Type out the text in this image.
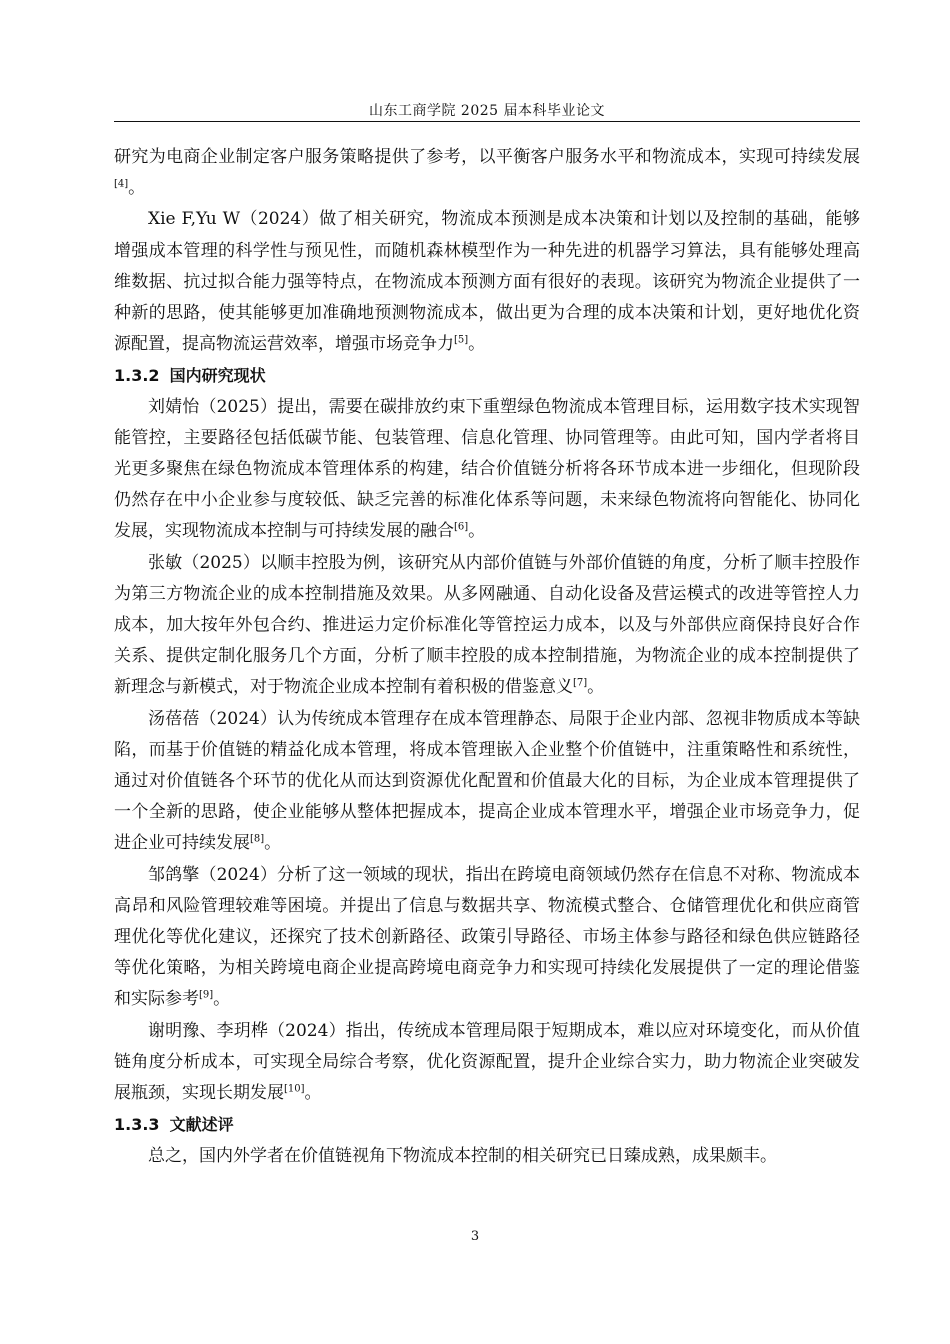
山东工商学院 2025 届本科毕业论文

研究为电商企业制定客户服务策略提供了参考，以平衡客户服务水平和物流成本，实现可持续发展[4]。

Xie F,Yu W（2024）做了相关研究，物流成本预测是成本决策和计划以及控制的基础，能够增强成本管理的科学性与预见性，而随机森林模型作为一种先进的机器学习算法，具有能够处理高维数据、抗过拟合能力强等特点，在物流成本预测方面有很好的表现。该研究为物流企业提供了一种新的思路，使其能够更加准确地预测物流成本，做出更为合理的成本决策和计划，更好地优化资源配置，提高物流运营效率，增强市场竞争力[5]。

1.3.2 国内研究现状

刘婧怡（2025）提出，需要在碳排放约束下重塑绿色物流成本管理目标，运用数字技术实现智能管控，主要路径包括低碳节能、包装管理、信息化管理、协同管理等。由此可知，国内学者将目光更多聚焦在绿色物流成本管理体系的构建，结合价值链分析将各环节成本进一步细化，但现阶段仍然存在中小企业参与度较低、缺乏完善的标准化体系等问题，未来绿色物流将向智能化、协同化发展，实现物流成本控制与可持续发展的融合[6]。

张敏（2025）以顺丰控股为例，该研究从内部价值链与外部价值链的角度，分析了顺丰控股作为第三方物流企业的成本控制措施及效果。从多网融通、自动化设备及营运模式的改进等管控人力成本，加大按年外包合约、推进运力定价标准化等管控运力成本，以及与外部供应商保持良好合作关系、提供定制化服务几个方面，分析了顺丰控股的成本控制措施，为物流企业的成本控制提供了新理念与新模式，对于物流企业成本控制有着积极的借鉴意义[7]。

汤蓓蓓（2024）认为传统成本管理存在成本管理静态、局限于企业内部、忽视非物质成本等缺陷，而基于价值链的精益化成本管理，将成本管理嵌入企业整个价值链中，注重策略性和系统性，通过对价值链各个环节的优化从而达到资源优化配置和价值最大化的目标，为企业成本管理提供了一个全新的思路，使企业能够从整体把握成本，提高企业成本管理水平，增强企业市场竞争力，促进企业可持续发展[8]。

邹鸽擎（2024）分析了这一领域的现状，指出在跨境电商领域仍然存在信息不对称、物流成本高昂和风险管理较难等困境。并提出了信息与数据共享、物流模式整合、仓储管理优化和供应商管理优化等优化建议，还探究了技术创新路径、政策引导路径、市场主体参与路径和绿色供应链路径等优化策略，为相关跨境电商企业提高跨境电商竞争力和实现可持续化发展提供了一定的理论借鉴和实际参考[9]。

谢明豫、李玥桦（2024）指出，传统成本管理局限于短期成本，难以应对环境变化，而从价值链角度分析成本，可实现全局综合考察，优化资源配置，提升企业综合实力，助力物流企业突破发展瓶颈，实现长期发展[10]。

1.3.3 文献述评

总之，国内外学者在价值链视角下物流成本控制的相关研究已日臻成熟，成果颇丰。

3
